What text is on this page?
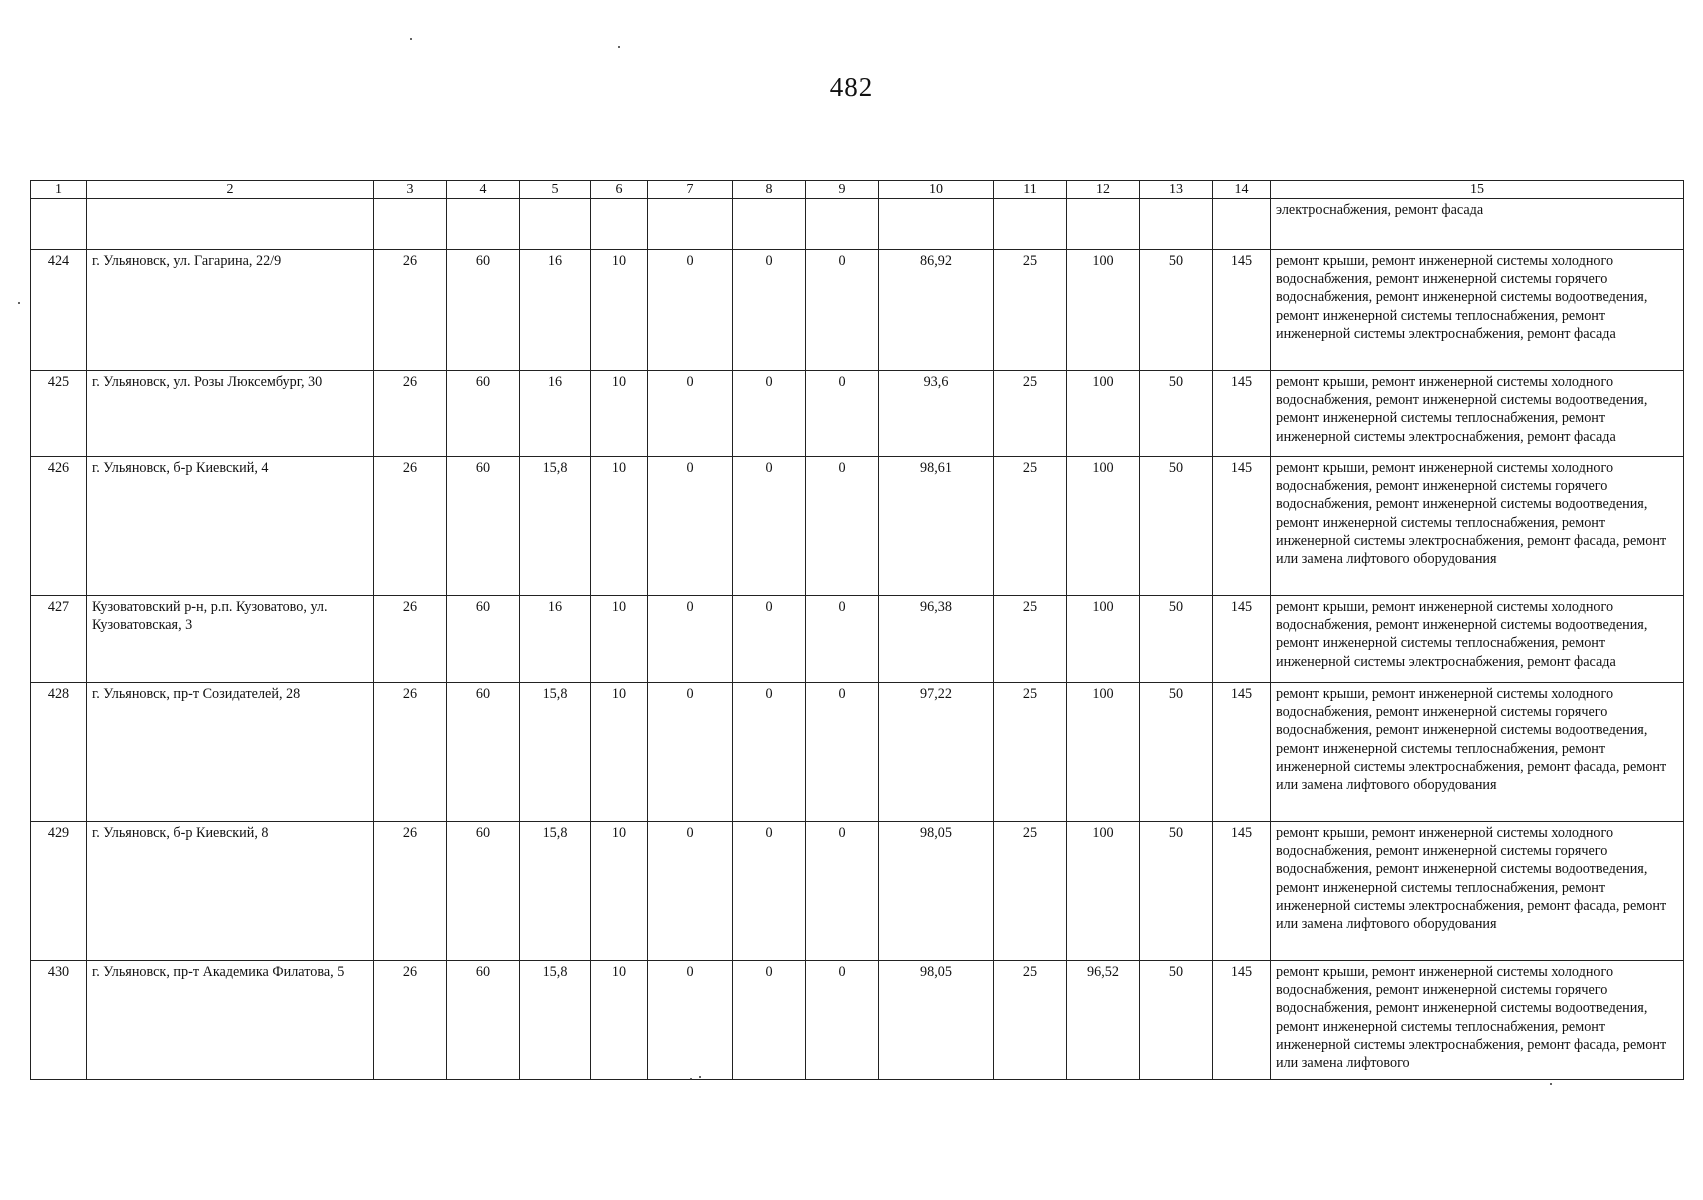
482
1	2	3	4	5	6	7	8	9	10	11	12	13	14	15
														электроснабжения, ремонт фасада
424	г. Ульяновск, ул. Гагарина, 22/9	26	60	16	10	0	0	0	86,92	25	100	50	145	ремонт крыши, ремонт инженерной системы холодного водоснабжения, ремонт инженерной системы горячего водоснабжения, ремонт инженерной системы водоотведения, ремонт инженерной системы теплоснабжения, ремонт инженерной системы электроснабжения, ремонт фасада
425	г. Ульяновск, ул. Розы Люксембург, 30	26	60	16	10	0	0	0	93,6	25	100	50	145	ремонт крыши, ремонт инженерной системы холодного водоснабжения, ремонт инженерной системы водоотведения, ремонт инженерной системы теплоснабжения, ремонт инженерной системы электроснабжения, ремонт фасада
426	г. Ульяновск, б-р Киевский, 4	26	60	15,8	10	0	0	0	98,61	25	100	50	145	ремонт крыши, ремонт инженерной системы холодного водоснабжения, ремонт инженерной системы горячего водоснабжения, ремонт инженерной системы водоотведения, ремонт инженерной системы теплоснабжения, ремонт инженерной системы электроснабжения, ремонт фасада, ремонт или замена лифтового оборудования
427	Кузоватовский р-н, р.п. Кузоватово, ул. Кузоватовская, 3	26	60	16	10	0	0	0	96,38	25	100	50	145	ремонт крыши, ремонт инженерной системы холодного водоснабжения, ремонт инженерной системы водоотведения, ремонт инженерной системы теплоснабжения, ремонт инженерной системы электроснабжения, ремонт фасада
428	г. Ульяновск, пр-т Созидателей, 28	26	60	15,8	10	0	0	0	97,22	25	100	50	145	ремонт крыши, ремонт инженерной системы холодного водоснабжения, ремонт инженерной системы горячего водоснабжения, ремонт инженерной системы водоотведения, ремонт инженерной системы теплоснабжения, ремонт инженерной системы электроснабжения, ремонт фасада, ремонт или замена лифтового оборудования
429	г. Ульяновск, б-р Киевский, 8	26	60	15,8	10	0	0	0	98,05	25	100	50	145	ремонт крыши, ремонт инженерной системы холодного водоснабжения, ремонт инженерной системы горячего водоснабжения, ремонт инженерной системы водоотведения, ремонт инженерной системы теплоснабжения, ремонт инженерной системы электроснабжения, ремонт фасада, ремонт или замена лифтового оборудования
430	г. Ульяновск, пр-т Академика Филатова, 5	26	60	15,8	10	0	0	0	98,05	25	96,52	50	145	ремонт крыши, ремонт инженерной системы холодного водоснабжения, ремонт инженерной системы горячего водоснабжения, ремонт инженерной системы водоотведения, ремонт инженерной системы теплоснабжения, ремонт инженерной системы электроснабжения, ремонт фасада, ремонт или замена лифтового
